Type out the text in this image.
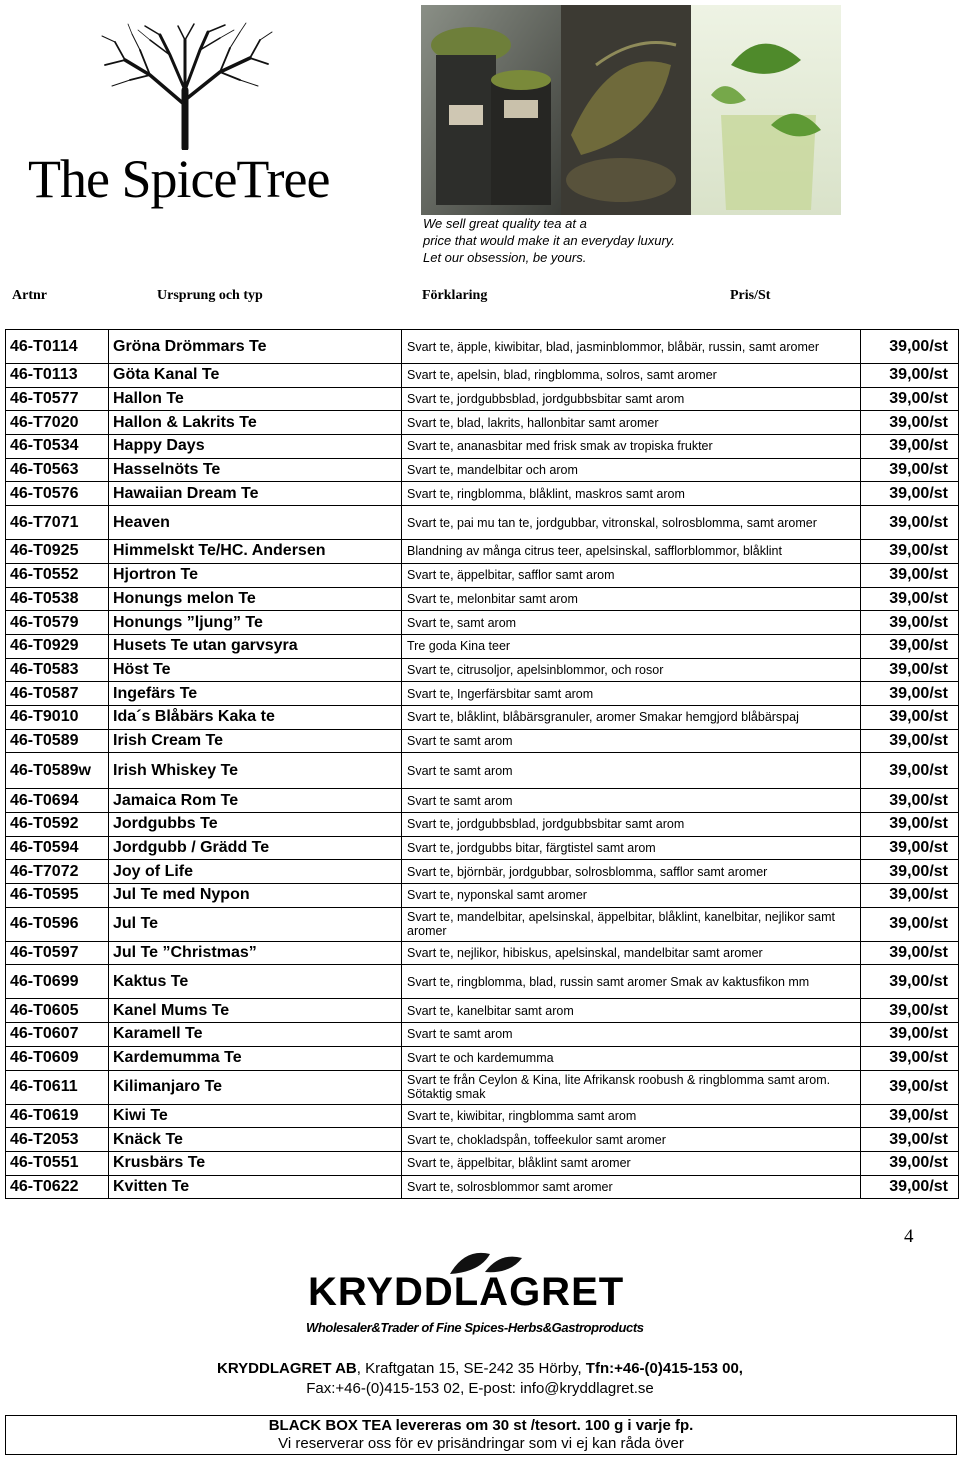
The SpiceTree
We sell great quality tea at a
price that would make it an everyday luxury.
Let our obsession, be yours.
Artnr	Ursprung och typ	Förklaring	Pris/St
46-T0114	Gröna Drömmars Te	Svart te, äpple, kiwibitar, blad, jasminblommor, blåbär, russin, samt aromer	39,00/st
46-T0113	Göta Kanal Te	Svart te, apelsin, blad, ringblomma, solros, samt aromer	39,00/st
46-T0577	Hallon Te	Svart te, jordgubbsblad, jordgubbsbitar samt arom	39,00/st
46-T7020	Hallon & Lakrits Te	Svart te, blad, lakrits, hallonbitar samt aromer	39,00/st
46-T0534	Happy Days	Svart te, ananasbitar med frisk smak av tropiska frukter	39,00/st
46-T0563	Hasselnöts Te	Svart te, mandelbitar och arom	39,00/st
46-T0576	Hawaiian Dream Te	Svart te, ringblomma, blåklint, maskros samt arom	39,00/st
46-T7071	Heaven	Svart te, pai mu tan te, jordgubbar, vitronskal, solrosblomma, samt aromer	39,00/st
46-T0925	Himmelskt Te/HC. Andersen	Blandning av många citrus teer, apelsinskal, safflorblommor, blåklint	39,00/st
46-T0552	Hjortron Te	Svart te, äppelbitar, safflor samt arom	39,00/st
46-T0538	Honungs melon Te	Svart te, melonbitar samt arom	39,00/st
46-T0579	Honungs ”ljung” Te	Svart te, samt arom	39,00/st
46-T0929	Husets Te utan garvsyra	Tre goda Kina teer	39,00/st
46-T0583	Höst Te	Svart te, citrusoljor, apelsinblommor, och rosor	39,00/st
46-T0587	Ingefärs Te	Svart te, Ingerfärsbitar samt arom	39,00/st
46-T9010	Ida´s Blåbärs Kaka te	Svart te, blåklint, blåbärsgranuler, aromer Smakar hemgjord blåbärspaj	39,00/st
46-T0589	Irish Cream Te	Svart te samt arom	39,00/st
46-T0589w	Irish Whiskey Te	Svart te samt arom	39,00/st
46-T0694	Jamaica Rom Te	Svart te samt arom	39,00/st
46-T0592	Jordgubbs Te	Svart te, jordgubbsblad, jordgubbsbitar samt arom	39,00/st
46-T0594	Jordgubb / Grädd Te	Svart te, jordgubbs bitar, färgtistel samt arom	39,00/st
46-T7072	Joy of Life	Svart te, björnbär, jordgubbar, solrosblomma, safflor samt aromer	39,00/st
46-T0595	Jul Te med Nypon	Svart te, nyponskal samt aromer	39,00/st
46-T0596	Jul Te	Svart te, mandelbitar, apelsinskal, äppelbitar, blåklint, kanelbitar, nejlikor samt aromer	39,00/st
46-T0597	Jul Te ”Christmas”	Svart te, nejlikor, hibiskus, apelsinskal, mandelbitar samt aromer	39,00/st
46-T0699	Kaktus Te	Svart te, ringblomma, blad, russin samt aromer Smak av kaktusfikon mm	39,00/st
46-T0605	Kanel Mums Te	Svart te, kanelbitar samt arom	39,00/st
46-T0607	Karamell Te	Svart te samt arom	39,00/st
46-T0609	Kardemumma Te	Svart te och kardemumma	39,00/st
46-T0611	Kilimanjaro Te	Svart te från Ceylon & Kina, lite Afrikansk roobush & ringblomma samt arom. Sötaktig smak	39,00/st
46-T0619	Kiwi Te	Svart te, kiwibitar, ringblomma samt arom	39,00/st
46-T2053	Knäck Te	Svart te, chokladspån, toffeekulor samt aromer	39,00/st
46-T0551	Krusbärs Te	Svart te, äppelbitar, blåklint samt aromer	39,00/st
46-T0622	Kvitten Te	Svart te, solrosblommor samt aromer	39,00/st
4
KRYDDLAGRET
Wholesaler&Trader of Fine Spices-Herbs&Gastroproducts
KRYDDLAGRET AB, Kraftgatan 15, SE-242 35 Hörby, Tfn:+46-(0)415-153 00,
Fax:+46-(0)415-153 02, E-post: info@kryddlagret.se
BLACK BOX TEA levereras om 30 st /tesort. 100 g i varje fp.
Vi reserverar oss för ev prisändringar som vi ej kan råda över
